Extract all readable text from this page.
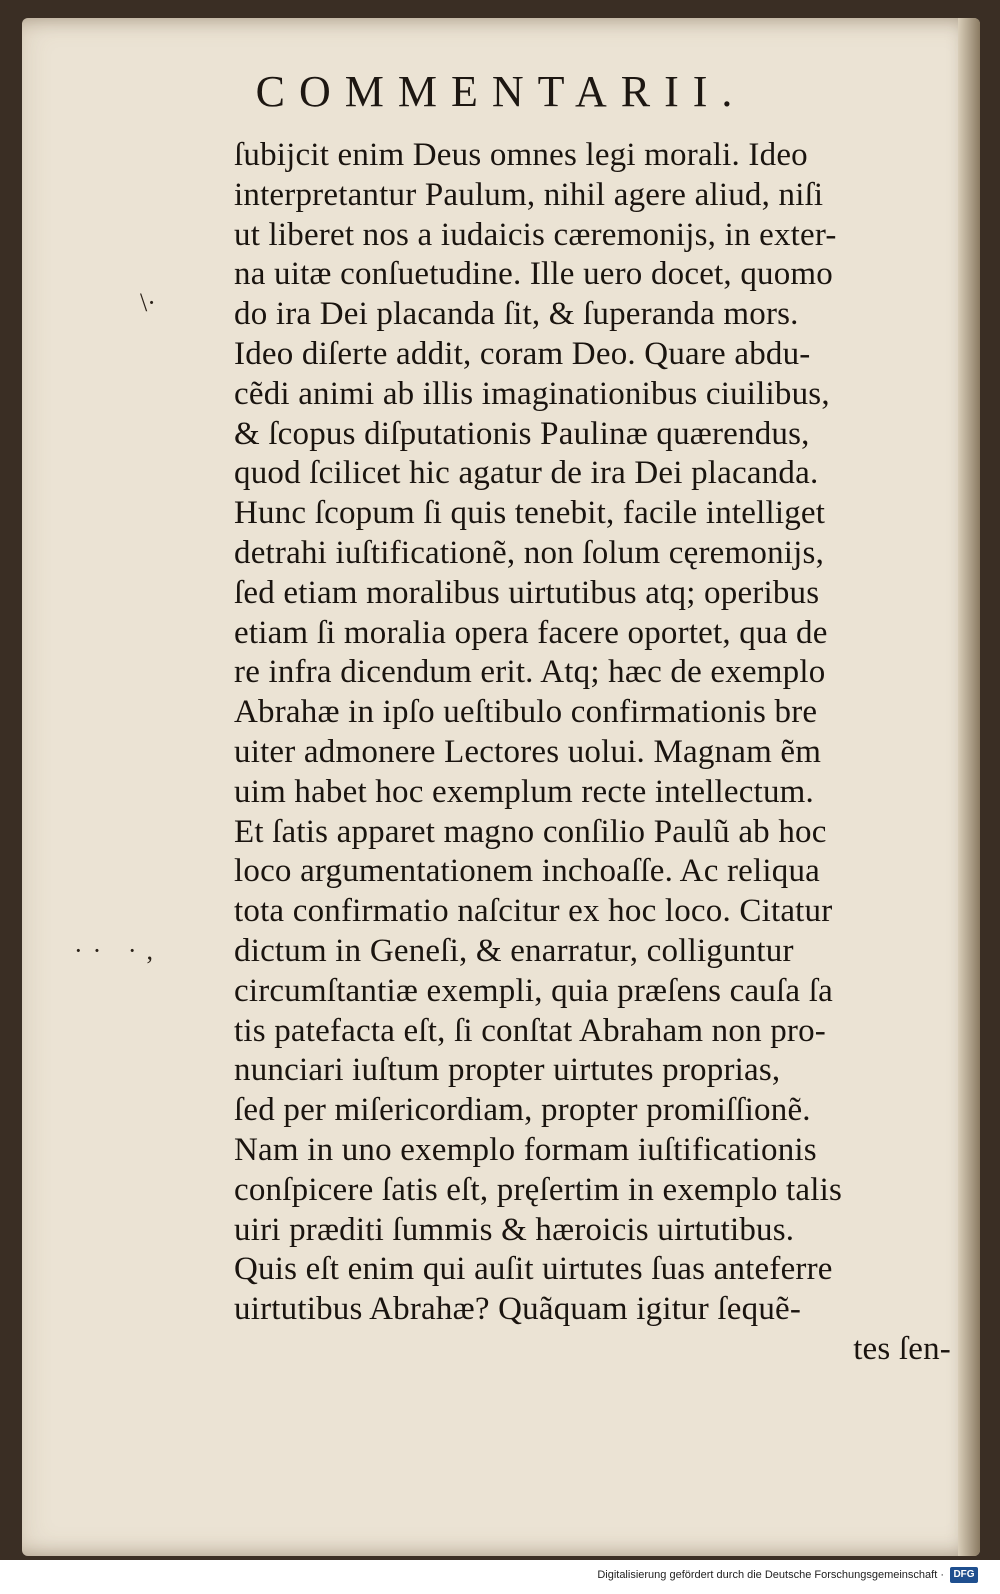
COMMENTARII.
\·
·· ·,
ſubijcit enim Deus omnes legi morali. Ideo
interpretantur Paulum, nihil agere aliud, niſi
ut liberet nos a iudaicis cæremonijs, in exter-
na uitæ conſuetudine. Ille uero docet, quomo
do ira Dei placanda ſit, & ſuperanda mors.
Ideo diſerte addit, coram Deo. Quare abdu-
cẽdi animi ab illis imaginationibus ciuilibus,
& ſcopus diſputationis Paulinæ quærendus,
quod ſcilicet hic agatur de ira Dei placanda.
Hunc ſcopum ſi quis tenebit, facile intelliget
detrahi iuſtificationẽ, non ſolum cęremonijs,
ſed etiam moralibus uirtutibus atq; operibus
etiam ſi moralia opera facere oportet, qua de
re infra dicendum erit. Atq; hæc de exemplo
Abrahæ in ipſo ueſtibulo confirmationis bre
uiter admonere Lectores uolui. Magnam ẽm
uim habet hoc exemplum recte intellectum.
Et ſatis apparet magno conſilio Paulũ ab hoc
loco argumentationem inchoaſſe. Ac reliqua
tota confirmatio naſcitur ex hoc loco. Citatur
dictum in Geneſi, & enarratur, colliguntur
circumſtantiæ exempli, quia præſens cauſa ſa
tis patefacta eſt, ſi conſtat Abraham non pro-
nunciari iuſtum propter uirtutes proprias,
ſed per miſericordiam, propter promiſſionẽ.
Nam in uno exemplo formam iuſtificationis
conſpicere ſatis eſt, pręſertim in exemplo talis
uiri præditi ſummis & hæroicis uirtutibus.
Quis eſt enim qui auſit uirtutes ſuas anteferre
uirtutibus Abrahæ? Quãquam igitur ſequẽ-
tes ſen-
Digitalisierung gefördert durch die Deutsche Forschungsgemeinschaft · DFG
